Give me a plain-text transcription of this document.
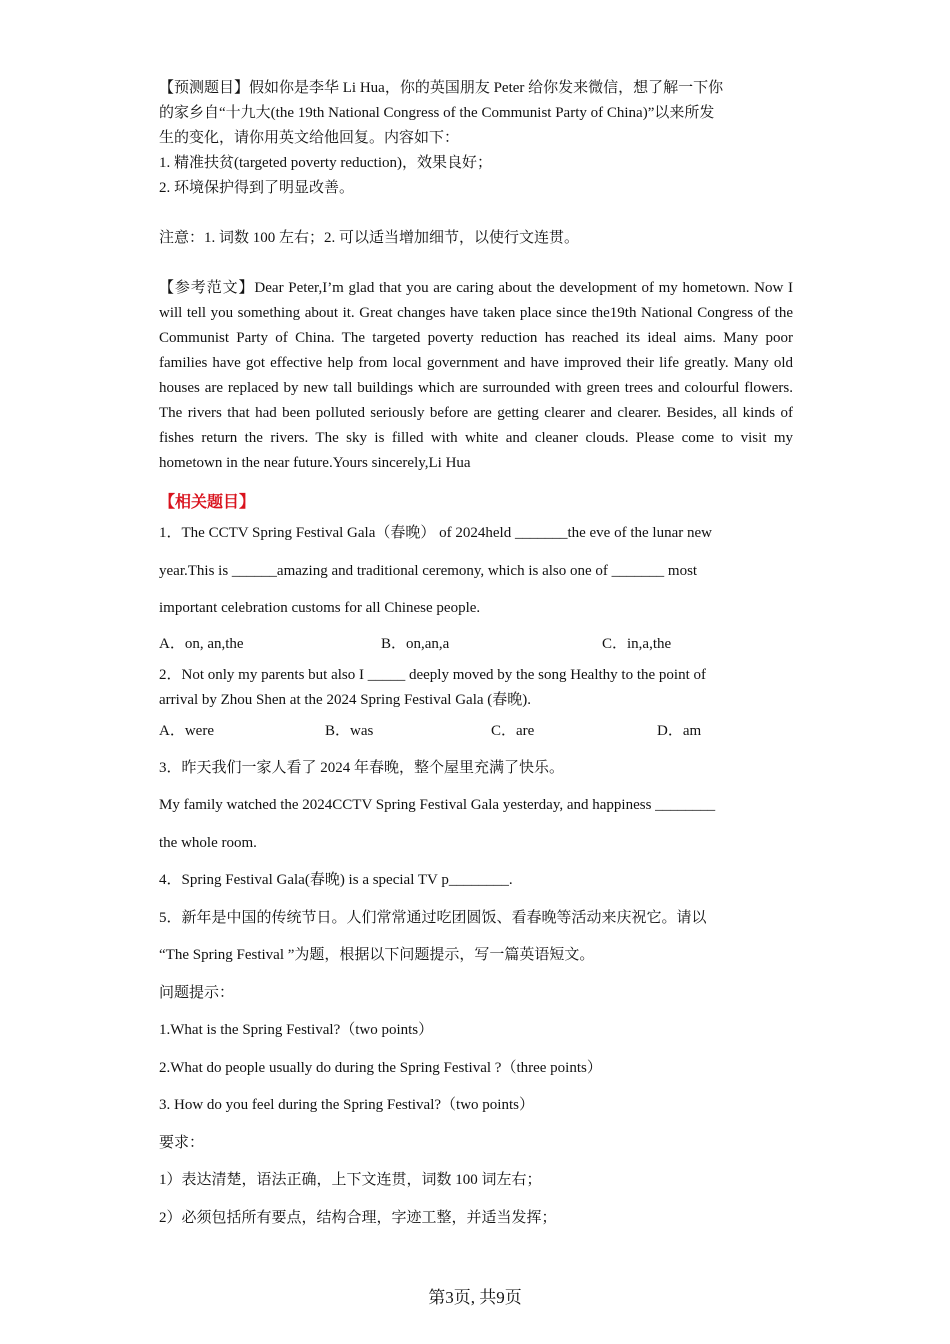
【预测题目】假如你是李华 Li Hua，你的英国朋友 Peter 给你发来微信，想了解一下你
的家乡自“十九大(the 19th National Congress of the Communist Party of China)”以来所发
生的变化，请你用英文给他回复。内容如下：
1. 精准扶贫(targeted poverty reduction)，效果良好；
2. 环境保护得到了明显改善。
注意：1. 词数 100 左右；2. 可以适当增加细节，以使行文连贯。
【参考范文】Dear Peter,I’m glad that you are caring about the development of my hometown. Now I will tell you something about it. Great changes have taken place since the19th National Congress of the Communist Party of China. The targeted poverty reduction has reached its ideal aims. Many poor families have got effective help from local government and have improved their life greatly. Many old houses are replaced by new tall buildings which are surrounded with green trees and colourful flowers. The rivers that had been polluted seriously before are getting clearer and clearer. Besides, all kinds of fishes return the rivers. The sky is filled with white and cleaner clouds. Please come to visit my hometown in the near future.Yours sincerely,Li Hua
【相关题目】
1．The CCTV Spring Festival Gala（春晚） of 2024held _______the eve of the lunar new
year.This is ______amazing and traditional ceremony, which is also one of _______ most
important celebration customs for all Chinese people.
A．on, an,the	B．on,an,a	C．in,a,the
2．Not only my parents but also I _____ deeply moved by the song Healthy to the point of
arrival by Zhou Shen at the 2024 Spring Festival Gala (春晚).
A．were	B．was	C．are	D．am
3．昨天我们一家人看了 2024 年春晚，整个屋里充满了快乐。
My family watched the 2024CCTV Spring Festival Gala yesterday, and happiness ________
the whole room.
4．Spring Festival Gala(春晚) is a special TV p________.
5．新年是中国的传统节日。人们常常通过吃团圆饭、看春晚等活动来庆祝它。请以
“The Spring Festival ”为题，根据以下问题提示，写一篇英语短文。
问题提示：
1.What is the Spring Festival?（two points）
2.What do people usually do during the Spring Festival ?（three points）
3. How do you feel during the Spring Festival?（two points）
要求：
1）表达清楚，语法正确，上下文连贯，词数 100 词左右；
2）必须包括所有要点，结构合理，字迹工整，并适当发挥；
第3页, 共9页
